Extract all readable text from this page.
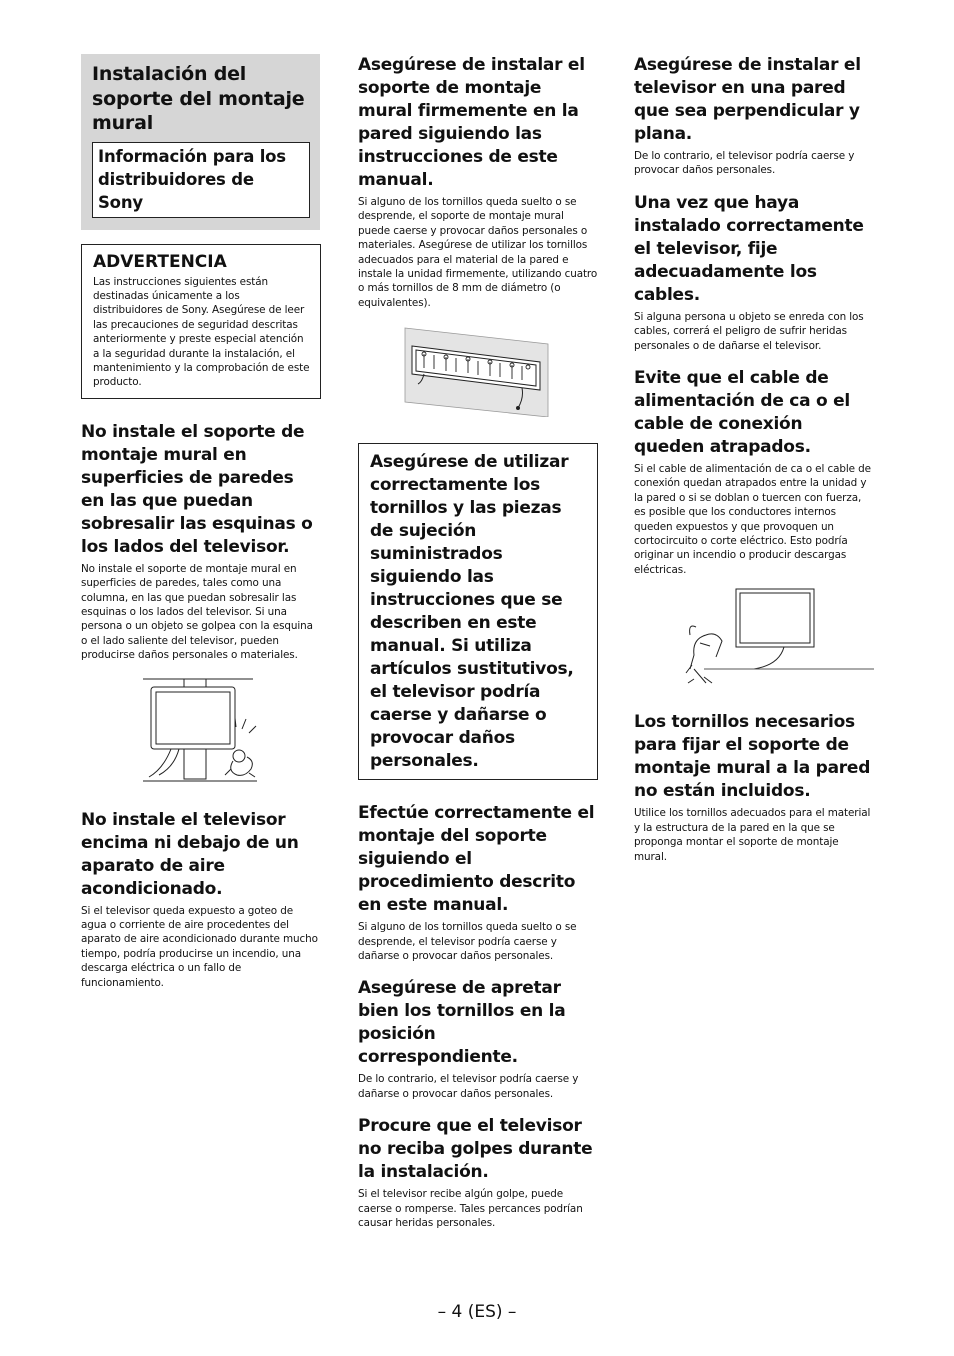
Instalación del soporte del montaje mural
Información para los distribuidores de Sony
ADVERTENCIA

Las instrucciones siguientes están destinadas únicamente a los distribuidores de Sony. Asegúrese de leer las precauciones de seguridad descritas anteriormente y preste especial atención a la seguridad durante la instalación, el mantenimiento y la comprobación de este producto.

No instale el soporte de montaje mural en superficies de paredes en las que puedan sobresalir las esquinas o los lados del televisor.

No instale el soporte de montaje mural en superficies de paredes, tales como una columna, en las que puedan sobresalir las esquinas o los lados del televisor. Si una persona o un objeto se golpea con la esquina o el lado saliente del televisor, pueden producirse daños personales o materiales.

No instale el televisor encima ni debajo de un aparato de aire acondicionado.

Si el televisor queda expuesto a goteo de agua o corriente de aire procedentes del aparato de aire acondicionado durante mucho tiempo, podría producirse un incendio, una descarga eléctrica o un fallo de funcionamiento.

Asegúrese de instalar el soporte de montaje mural firmemente en la pared siguiendo las instrucciones de este manual.

Si alguno de los tornillos queda suelto o se desprende, el soporte de montaje mural puede caerse y provocar daños personales o materiales. Asegúrese de utilizar los tornillos adecuados para el material de la pared e instale la unidad firmemente, utilizando cuatro o más tornillos de 8 mm de diámetro (o equivalentes).

Asegúrese de utilizar correctamente los tornillos y las piezas de sujeción suministrados siguiendo las instrucciones que se describen en este manual. Si utiliza artículos sustitutivos, el televisor podría caerse y dañarse o provocar daños personales.
Efectúe correctamente el montaje del soporte siguiendo el procedimiento descrito en este manual.

Si alguno de los tornillos queda suelto o se desprende, el televisor podría caerse y dañarse o provocar daños personales.

Asegúrese de apretar bien los tornillos en la posición correspondiente.

De lo contrario, el televisor podría caerse y dañarse o provocar daños personales.

Procure que el televisor no reciba golpes durante la instalación.

Si el televisor recibe algún golpe, puede caerse o romperse. Tales percances podrían causar heridas personales.

Asegúrese de instalar el televisor en una pared que sea perpendicular y plana.

De lo contrario, el televisor podría caerse y provocar daños personales.

Una vez que haya instalado correctamente el televisor, fije adecuadamente los cables.

Si alguna persona u objeto se enreda con los cables, correrá el peligro de sufrir heridas personales o de dañarse el televisor.

Evite que el cable de alimentación de ca o el cable de conexión queden atrapados.

Si el cable de alimentación de ca o el cable de conexión quedan atrapados entre la unidad y la pared o si se doblan o tuercen con fuerza, es posible que los conductores internos queden expuestos y que provoquen un cortocircuito o corte eléctrico. Esto podría originar un incendio o producir descargas eléctricas.

Los tornillos necesarios para fijar el soporte de montaje mural a la pared no están incluidos.

Utilice los tornillos adecuados para el material y la estructura de la pared en la que se proponga montar el soporte de montaje mural.

– 4 (ES) –
